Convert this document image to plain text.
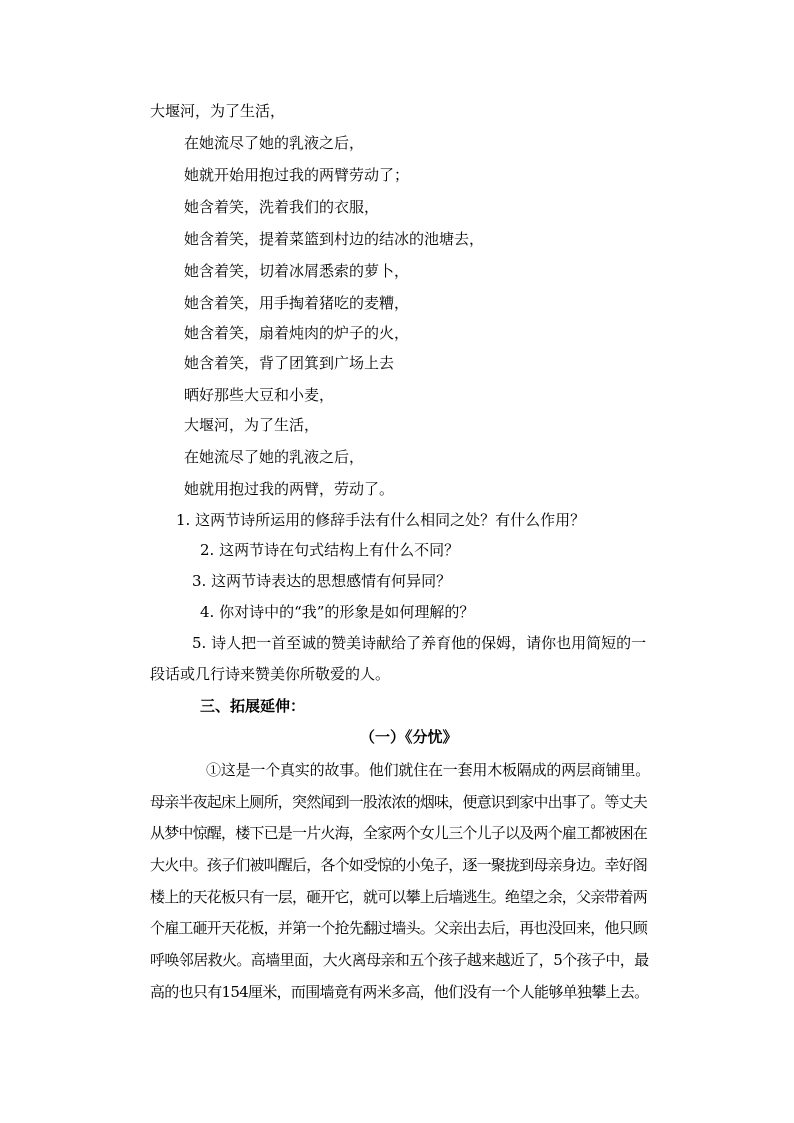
大堰河，为了生活，
在她流尽了她的乳液之后，
她就开始用抱过我的两臂劳动了；
她含着笑，洗着我们的衣服，
她含着笑，提着菜篮到村边的结冰的池塘去，
她含着笑，切着冰屑悉索的萝卜，
她含着笑，用手掏着猪吃的麦糟，
她含着笑，扇着炖肉的炉子的火，
她含着笑，背了团箕到广场上去
晒好那些大豆和小麦，
大堰河，为了生活，
在她流尽了她的乳液之后，
她就用抱过我的两臂，劳动了。
1. 这两节诗所运用的修辞手法有什么相同之处？有什么作用？
2. 这两节诗在句式结构上有什么不同？
3. 这两节诗表达的思想感情有何异同？
4. 你对诗中的“我”的形象是如何理解的？
5. 诗人把一首至诚的赞美诗献给了养育他的保姆，请你也用简短的一
段话或几行诗来赞美你所敬爱的人。
三、拓展延伸：
（一）《分忧》
①这是一个真实的故事。他们就住在一套用木板隔成的两层商铺里。
母亲半夜起床上厕所，突然闻到一股浓浓的烟味，便意识到家中出事了。等丈夫
从梦中惊醒，楼下已是一片火海，全家两个女儿三个儿子以及两个雇工都被困在
大火中。孩子们被叫醒后，各个如受惊的小兔子，逐一聚拢到母亲身边。幸好阁
楼上的天花板只有一层，砸开它，就可以攀上后墙逃生。绝望之余，父亲带着两
个雇工砸开天花板，并第一个抢先翻过墙头。父亲出去后，再也没回来，他只顾
呼唤邻居救火。高墙里面，大火离母亲和五个孩子越来越近了，5个孩子中，最
高的也只有154厘米，而围墙竟有两米多高，他们没有一个人能够单独攀上去。
